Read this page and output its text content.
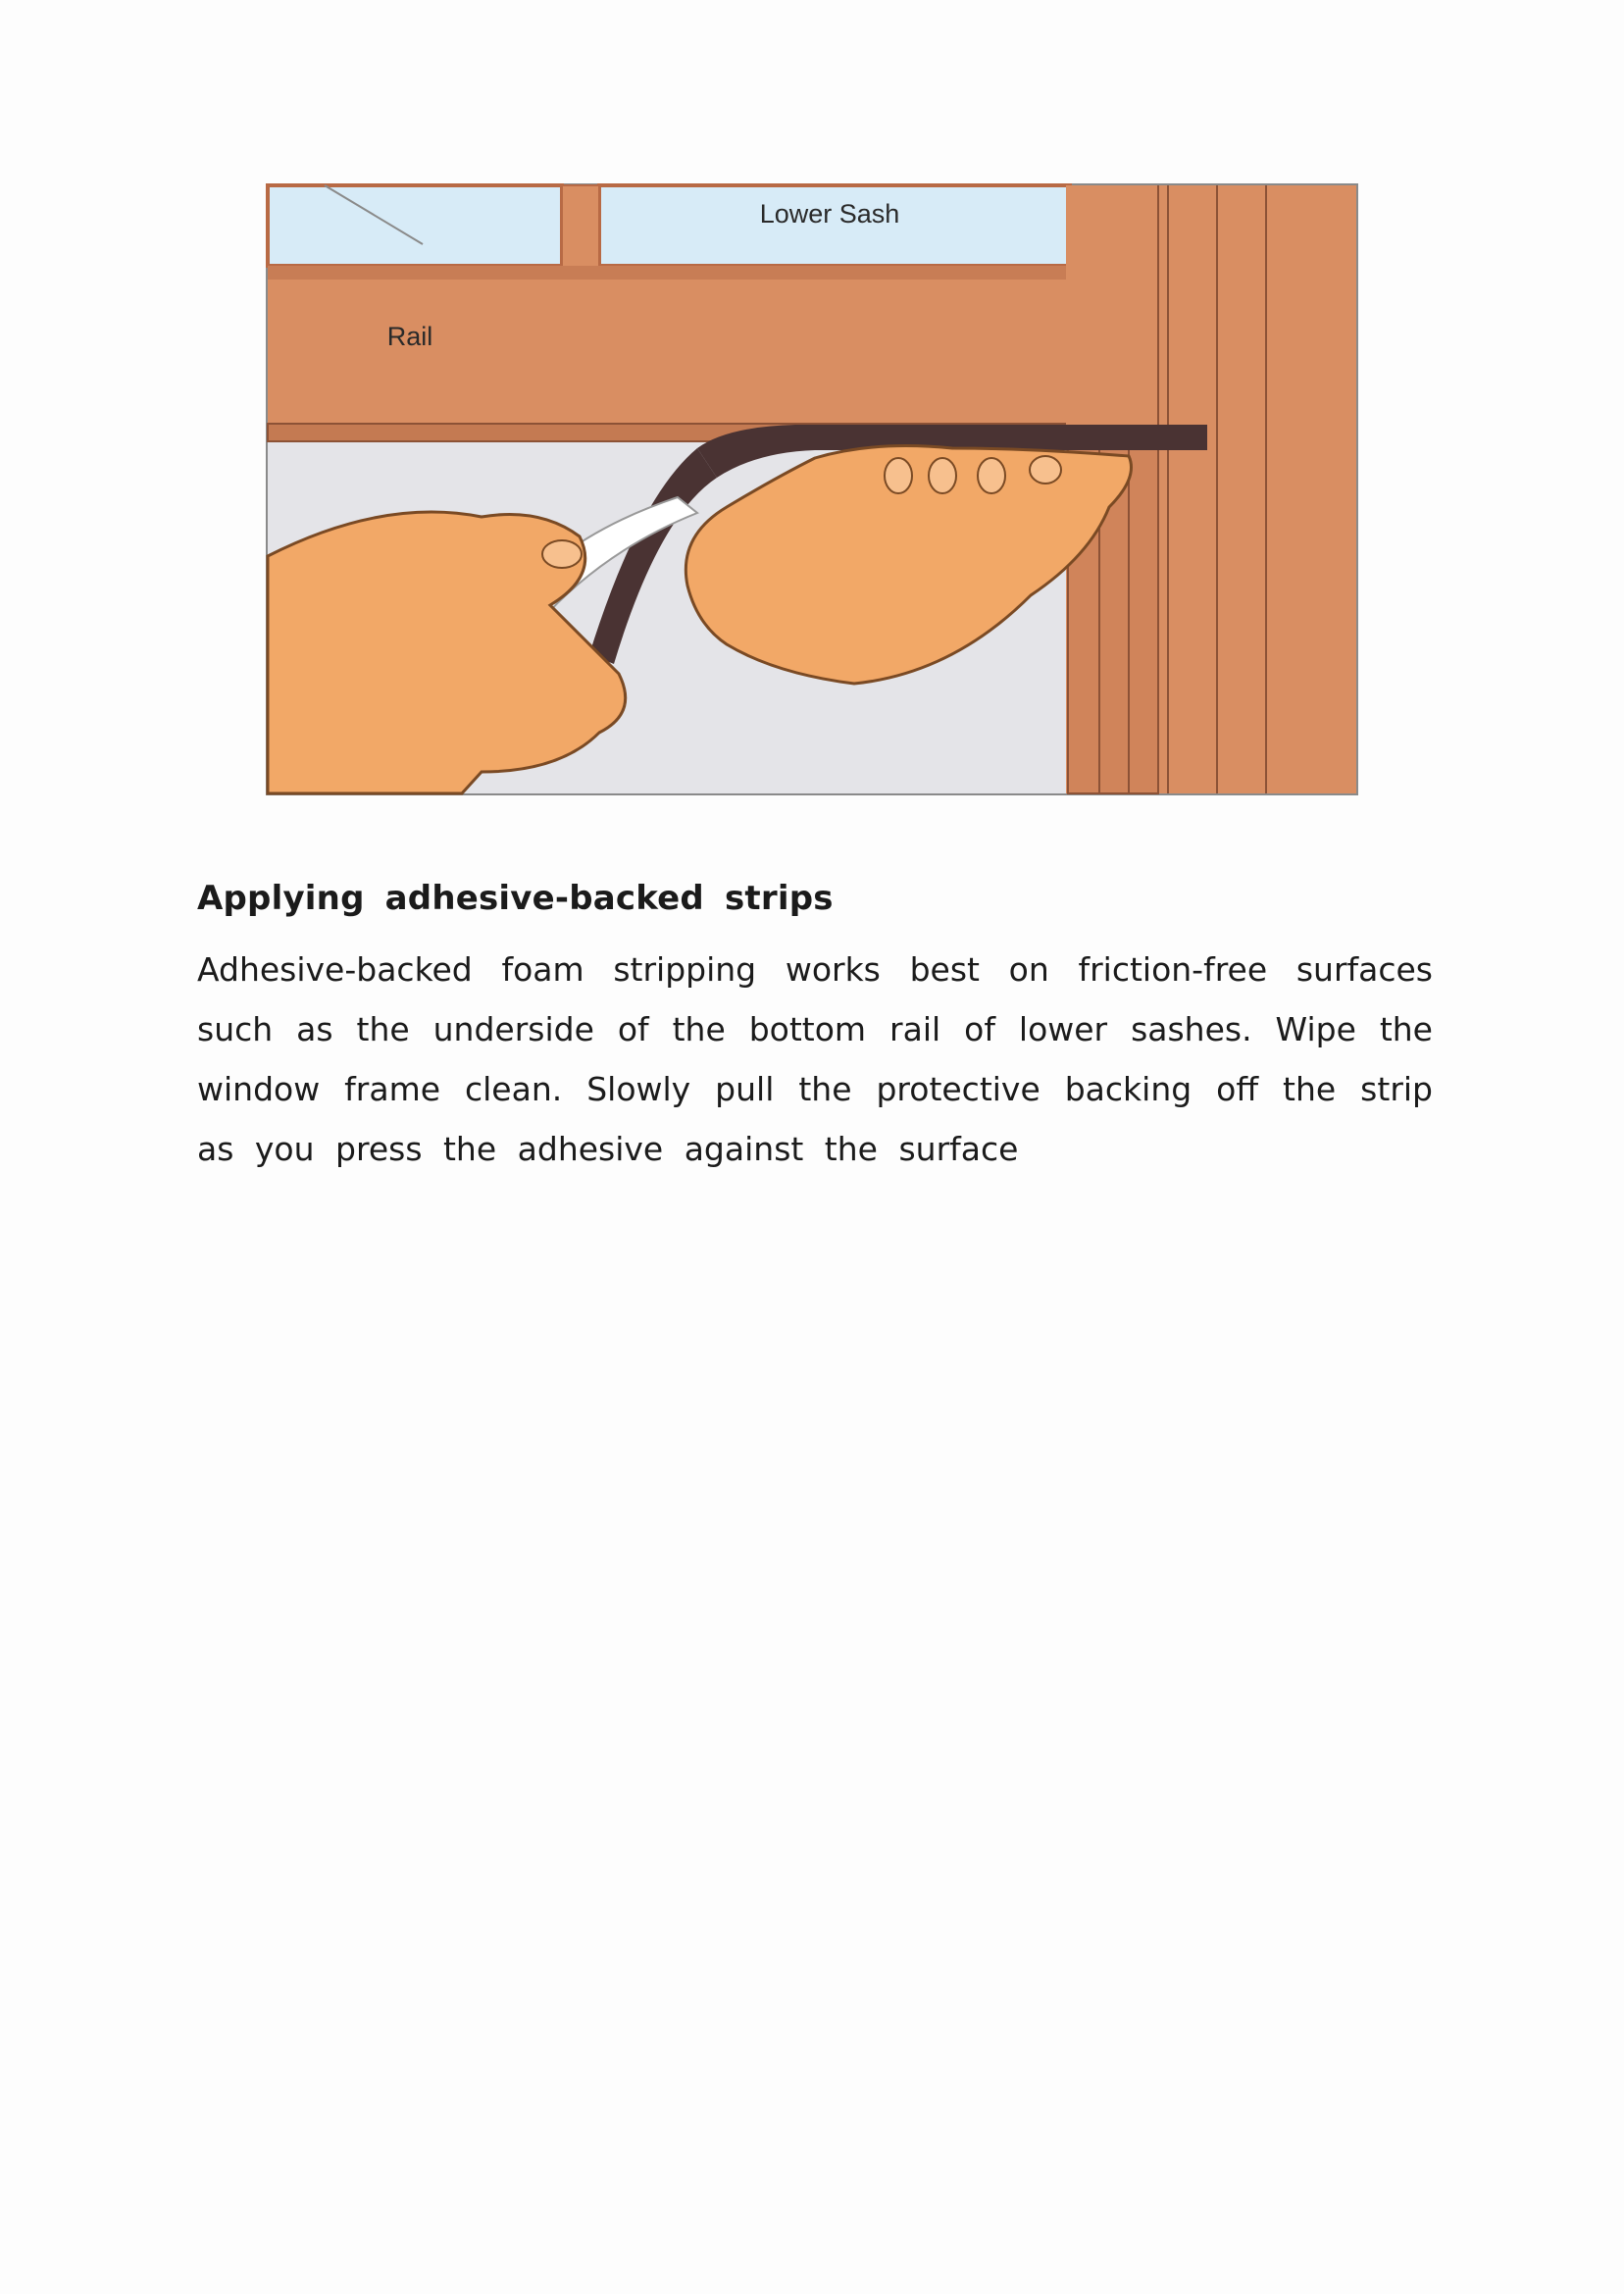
Lower Sash
Rail
Applying adhesive-backed strips

Adhesive-backed foam stripping works best on friction-free surfaces such as the underside of the bottom rail of lower sashes. Wipe the window frame clean. Slowly pull the protective backing off the strip as you press the adhesive against the surface
